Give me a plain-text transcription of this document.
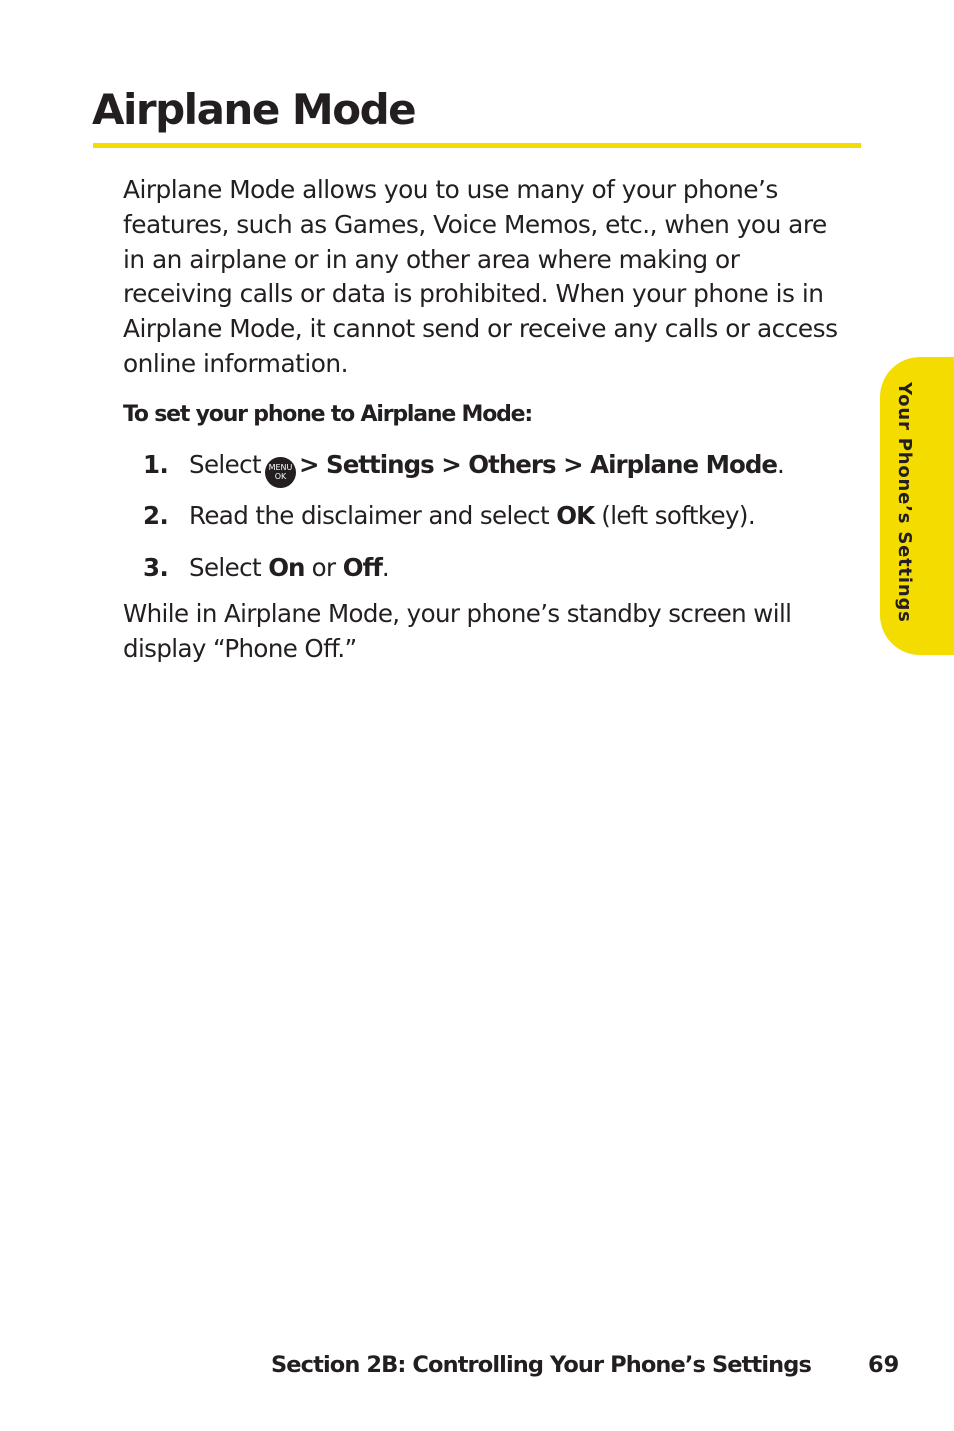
Airplane Mode

Airplane Mode allows you to use many of your phone’s features, such as Games, Voice Memos, etc., when you are in an airplane or in any other area where making or receiving calls or data is prohibited. When your phone is in Airplane Mode, it cannot send or receive any calls or access online information.

To set your phone to Airplane Mode:

1. Select MENU
OK > Settings > Others > Airplane Mode.
2. Read the disclaimer and select OK (left softkey).
3. Select On or Off.

While in Airplane Mode, your phone’s standby screen will display “Phone Off.”

Your Phone’s Settings
Section 2B: Controlling Your Phone’s Settings	69
